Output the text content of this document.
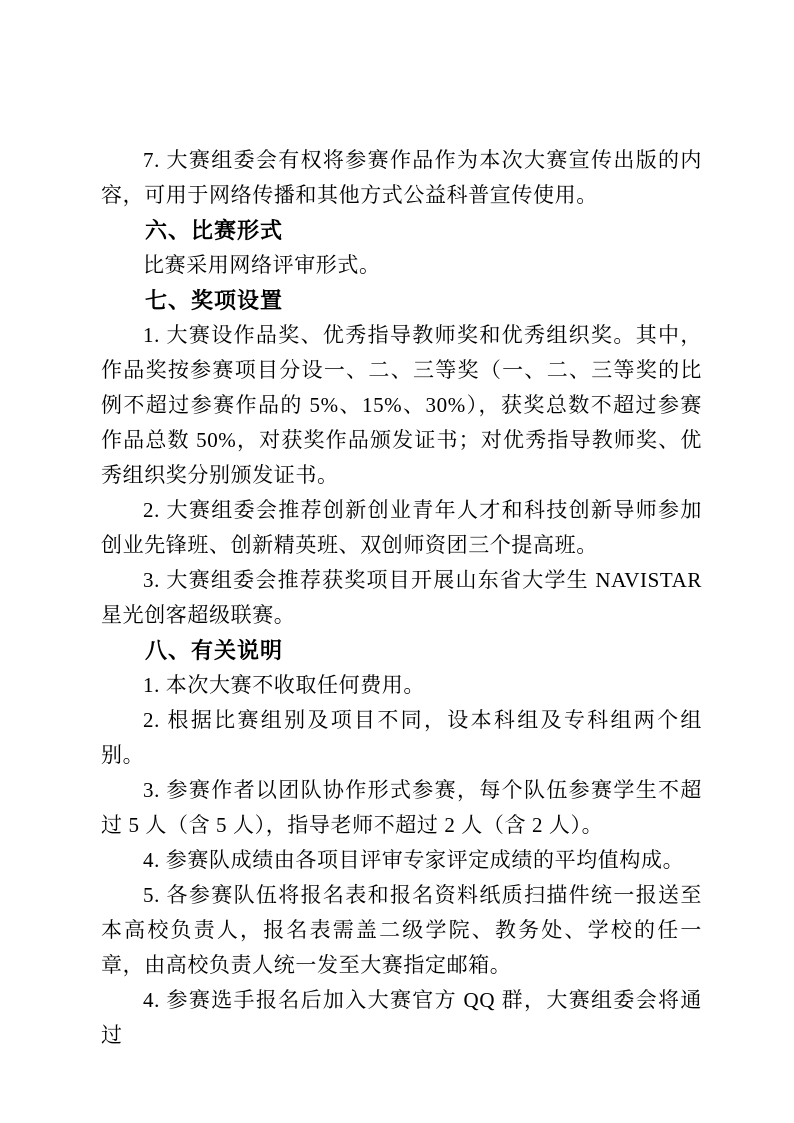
7. 大赛组委会有权将参赛作品作为本次大赛宣传出版的内容，可用于网络传播和其他方式公益科普宣传使用。

六、比赛形式

比赛采用网络评审形式。

七、奖项设置

1. 大赛设作品奖、优秀指导教师奖和优秀组织奖。其中，作品奖按参赛项目分设一、二、三等奖（一、二、三等奖的比例不超过参赛作品的 5%、15%、30%），获奖总数不超过参赛作品总数 50%，对获奖作品颁发证书；对优秀指导教师奖、优秀组织奖分别颁发证书。

2. 大赛组委会推荐创新创业青年人才和科技创新导师参加创业先锋班、创新精英班、双创师资团三个提高班。

3. 大赛组委会推荐获奖项目开展山东省大学生 NAVISTAR 星光创客超级联赛。

八、有关说明

1. 本次大赛不收取任何费用。

2. 根据比赛组别及项目不同，设本科组及专科组两个组别。

3. 参赛作者以团队协作形式参赛，每个队伍参赛学生不超过 5 人（含 5 人），指导老师不超过 2 人（含 2 人）。

4. 参赛队成绩由各项目评审专家评定成绩的平均值构成。

5. 各参赛队伍将报名表和报名资料纸质扫描件统一报送至本高校负责人，报名表需盖二级学院、教务处、学校的任一章，由高校负责人统一发至大赛指定邮箱。

4. 参赛选手报名后加入大赛官方 QQ 群，大赛组委会将通过
